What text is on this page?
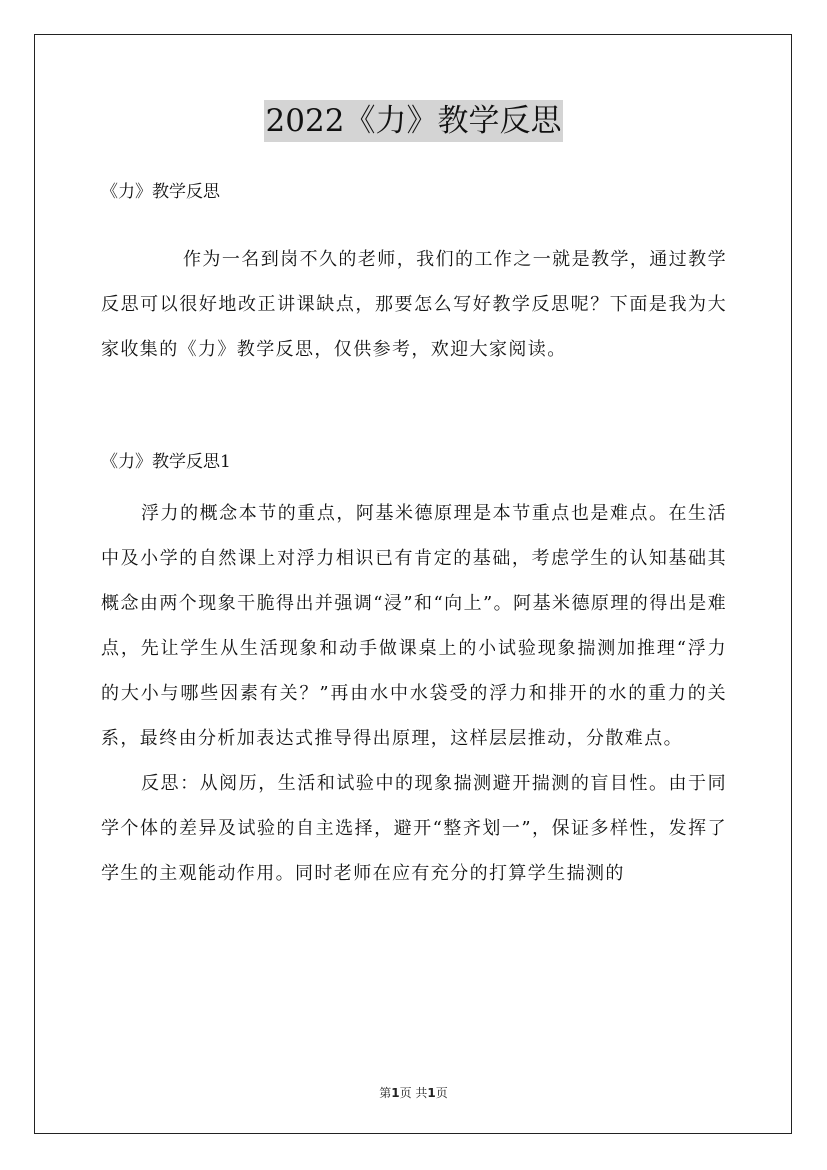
2022《力》教学反思

《力》教学反思

作为一名到岗不久的老师，我们的工作之一就是教学，通过教学反思可以很好地改正讲课缺点，那要怎么写好教学反思呢？下面是我为大家收集的《力》教学反思，仅供参考，欢迎大家阅读。

《力》教学反思1

浮力的概念本节的重点，阿基米德原理是本节重点也是难点。在生活中及小学的自然课上对浮力相识已有肯定的基础，考虑学生的认知基础其概念由两个现象干脆得出并强调“浸”和“向上”。阿基米德原理的得出是难点，先让学生从生活现象和动手做课桌上的小试验现象揣测加推理“浮力的大小与哪些因素有关？”再由水中水袋受的浮力和排开的水的重力的关系，最终由分析加表达式推导得出原理，这样层层推动，分散难点。

反思：从阅历，生活和试验中的现象揣测避开揣测的盲目性。由于同学个体的差异及试验的自主选择，避开“整齐划一”，保证多样性，发挥了学生的主观能动作用。同时老师在应有充分的打算学生揣测的

第1页 共1页
